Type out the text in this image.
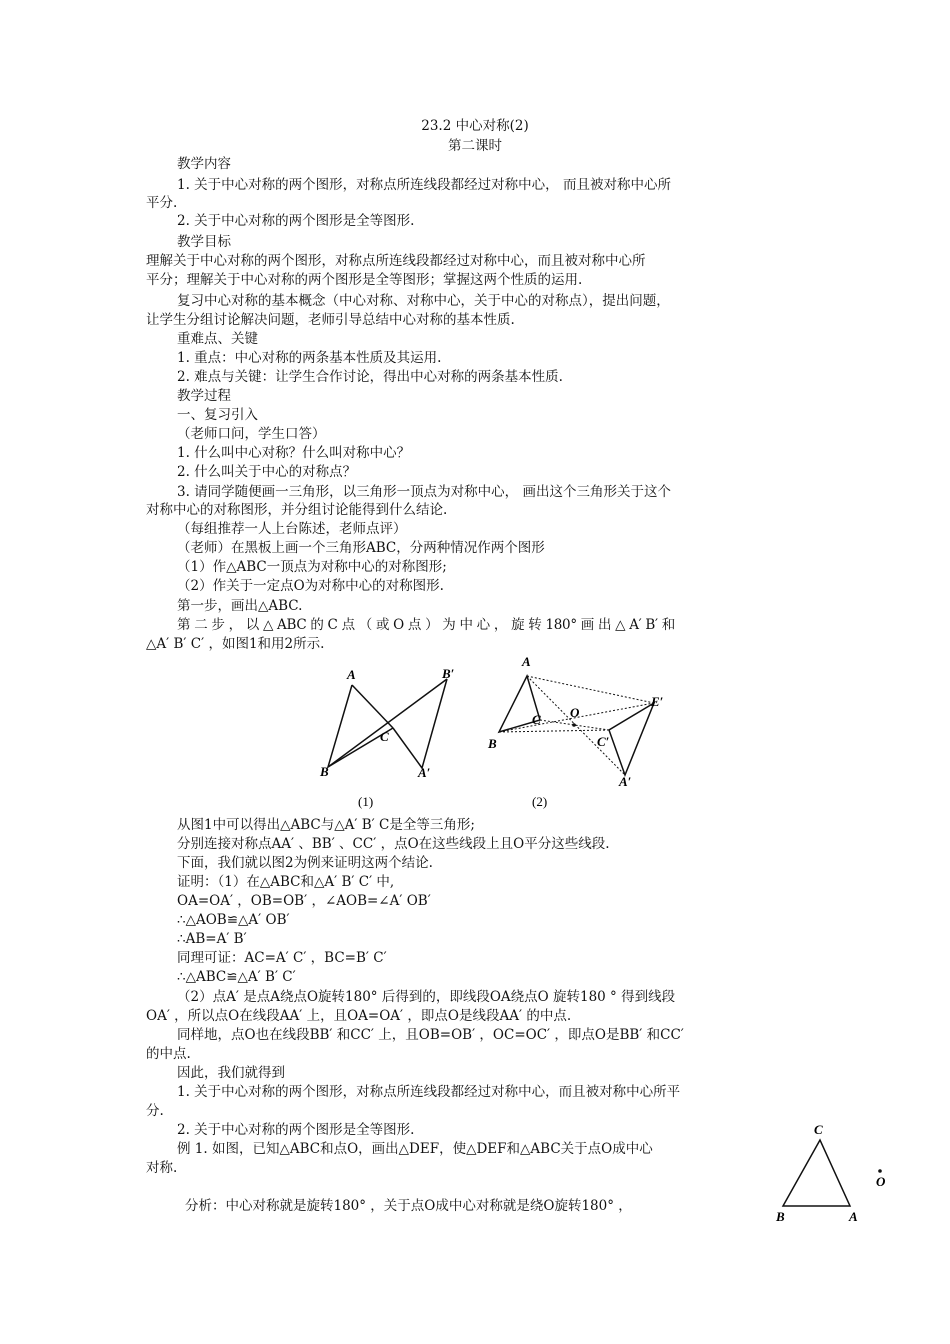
23.2 中心对称(2)
第二课时
教学内容
1. 关于中心对称的两个图形，对称点所连线段都经过对称中心， 而且被对称中心所
平分.
2. 关于中心对称的两个图形是全等图形.
教学目标
理解关于中心对称的两个图形，对称点所连线段都经过对称中心，而且被对称中心所
平分；理解关于中心对称的两个图形是全等图形；掌握这两个性质的运用.
复习中心对称的基本概念（中心对称、对称中心，关于中心的对称点），提出问题，
让学生分组讨论解决问题，老师引导总结中心对称的基本性质.
重难点、关键
1. 重点：中心对称的两条基本性质及其运用.
2. 难点与关键：让学生合作讨论，得出中心对称的两条基本性质.
教学过程
一、复习引入
（老师口问，学生口答）
1. 什么叫中心对称？什么叫对称中心？
2. 什么叫关于中心的对称点？
3. 请同学随便画一三角形，以三角形一顶点为对称中心， 画出这个三角形关于这个
对称中心的对称图形，并分组讨论能得到什么结论.
（每组推荐一人上台陈述，老师点评）
（老师）在黑板上画一个三角形ABC，分两种情况作两个图形
（1）作△ABC一顶点为对称中心的对称图形;
（2）作关于一定点O为对称中心的对称图形.
第一步，画出△ABC.
第 二 步 ， 以 △ ABC 的 C 点 （ 或 O 点 ） 为 中 心 ， 旋 转 180° 画 出 △ A′ B′ 和
△A′ B′ C′ ，如图1和用2所示.
A	B′
C
B	A′
(1)
A
C O
E′
B	C′
A′
(2)
从图1中可以得出△ABC与△A′ B′ C是全等三角形;
分别连接对称点AA′ 、BB′ 、CC′ ，点O在这些线段上且O平分这些线段.
下面，我们就以图2为例来证明这两个结论.
证明：（1）在△ABC和△A′ B′ C′ 中,
OA=OA′ ，OB=OB′ ，∠AOB=∠A′ OB′
∴△AOB≌△A′ OB′
∴AB=A′ B′
同理可证：AC=A′ C′ ，BC=B′ C′
∴△ABC≌△A′ B′ C′
（2）点A′ 是点A绕点O旋转180° 后得到的，即线段OA绕点O 旋转180 ° 得到线段
OA′ ，所以点O在线段AA′ 上，且OA=OA′ ，即点O是线段AA′ 的中点.
同样地，点O也在线段BB′ 和CC′ 上，且OB=OB′ ，OC=OC′ ，即点O是BB′ 和CC′
的中点.
因此，我们就得到
1. 关于中心对称的两个图形，对称点所连线段都经过对称中心，而且被对称中心所平
分.
2. 关于中心对称的两个图形是全等图形.
例 1. 如图，已知△ABC和点O，画出△DEF，使△DEF和△ABC关于点O成中心
对称.
分析：中心对称就是旋转180° ，关于点O成中心对称就是绕O旋转180° ，
C
O
B	A
